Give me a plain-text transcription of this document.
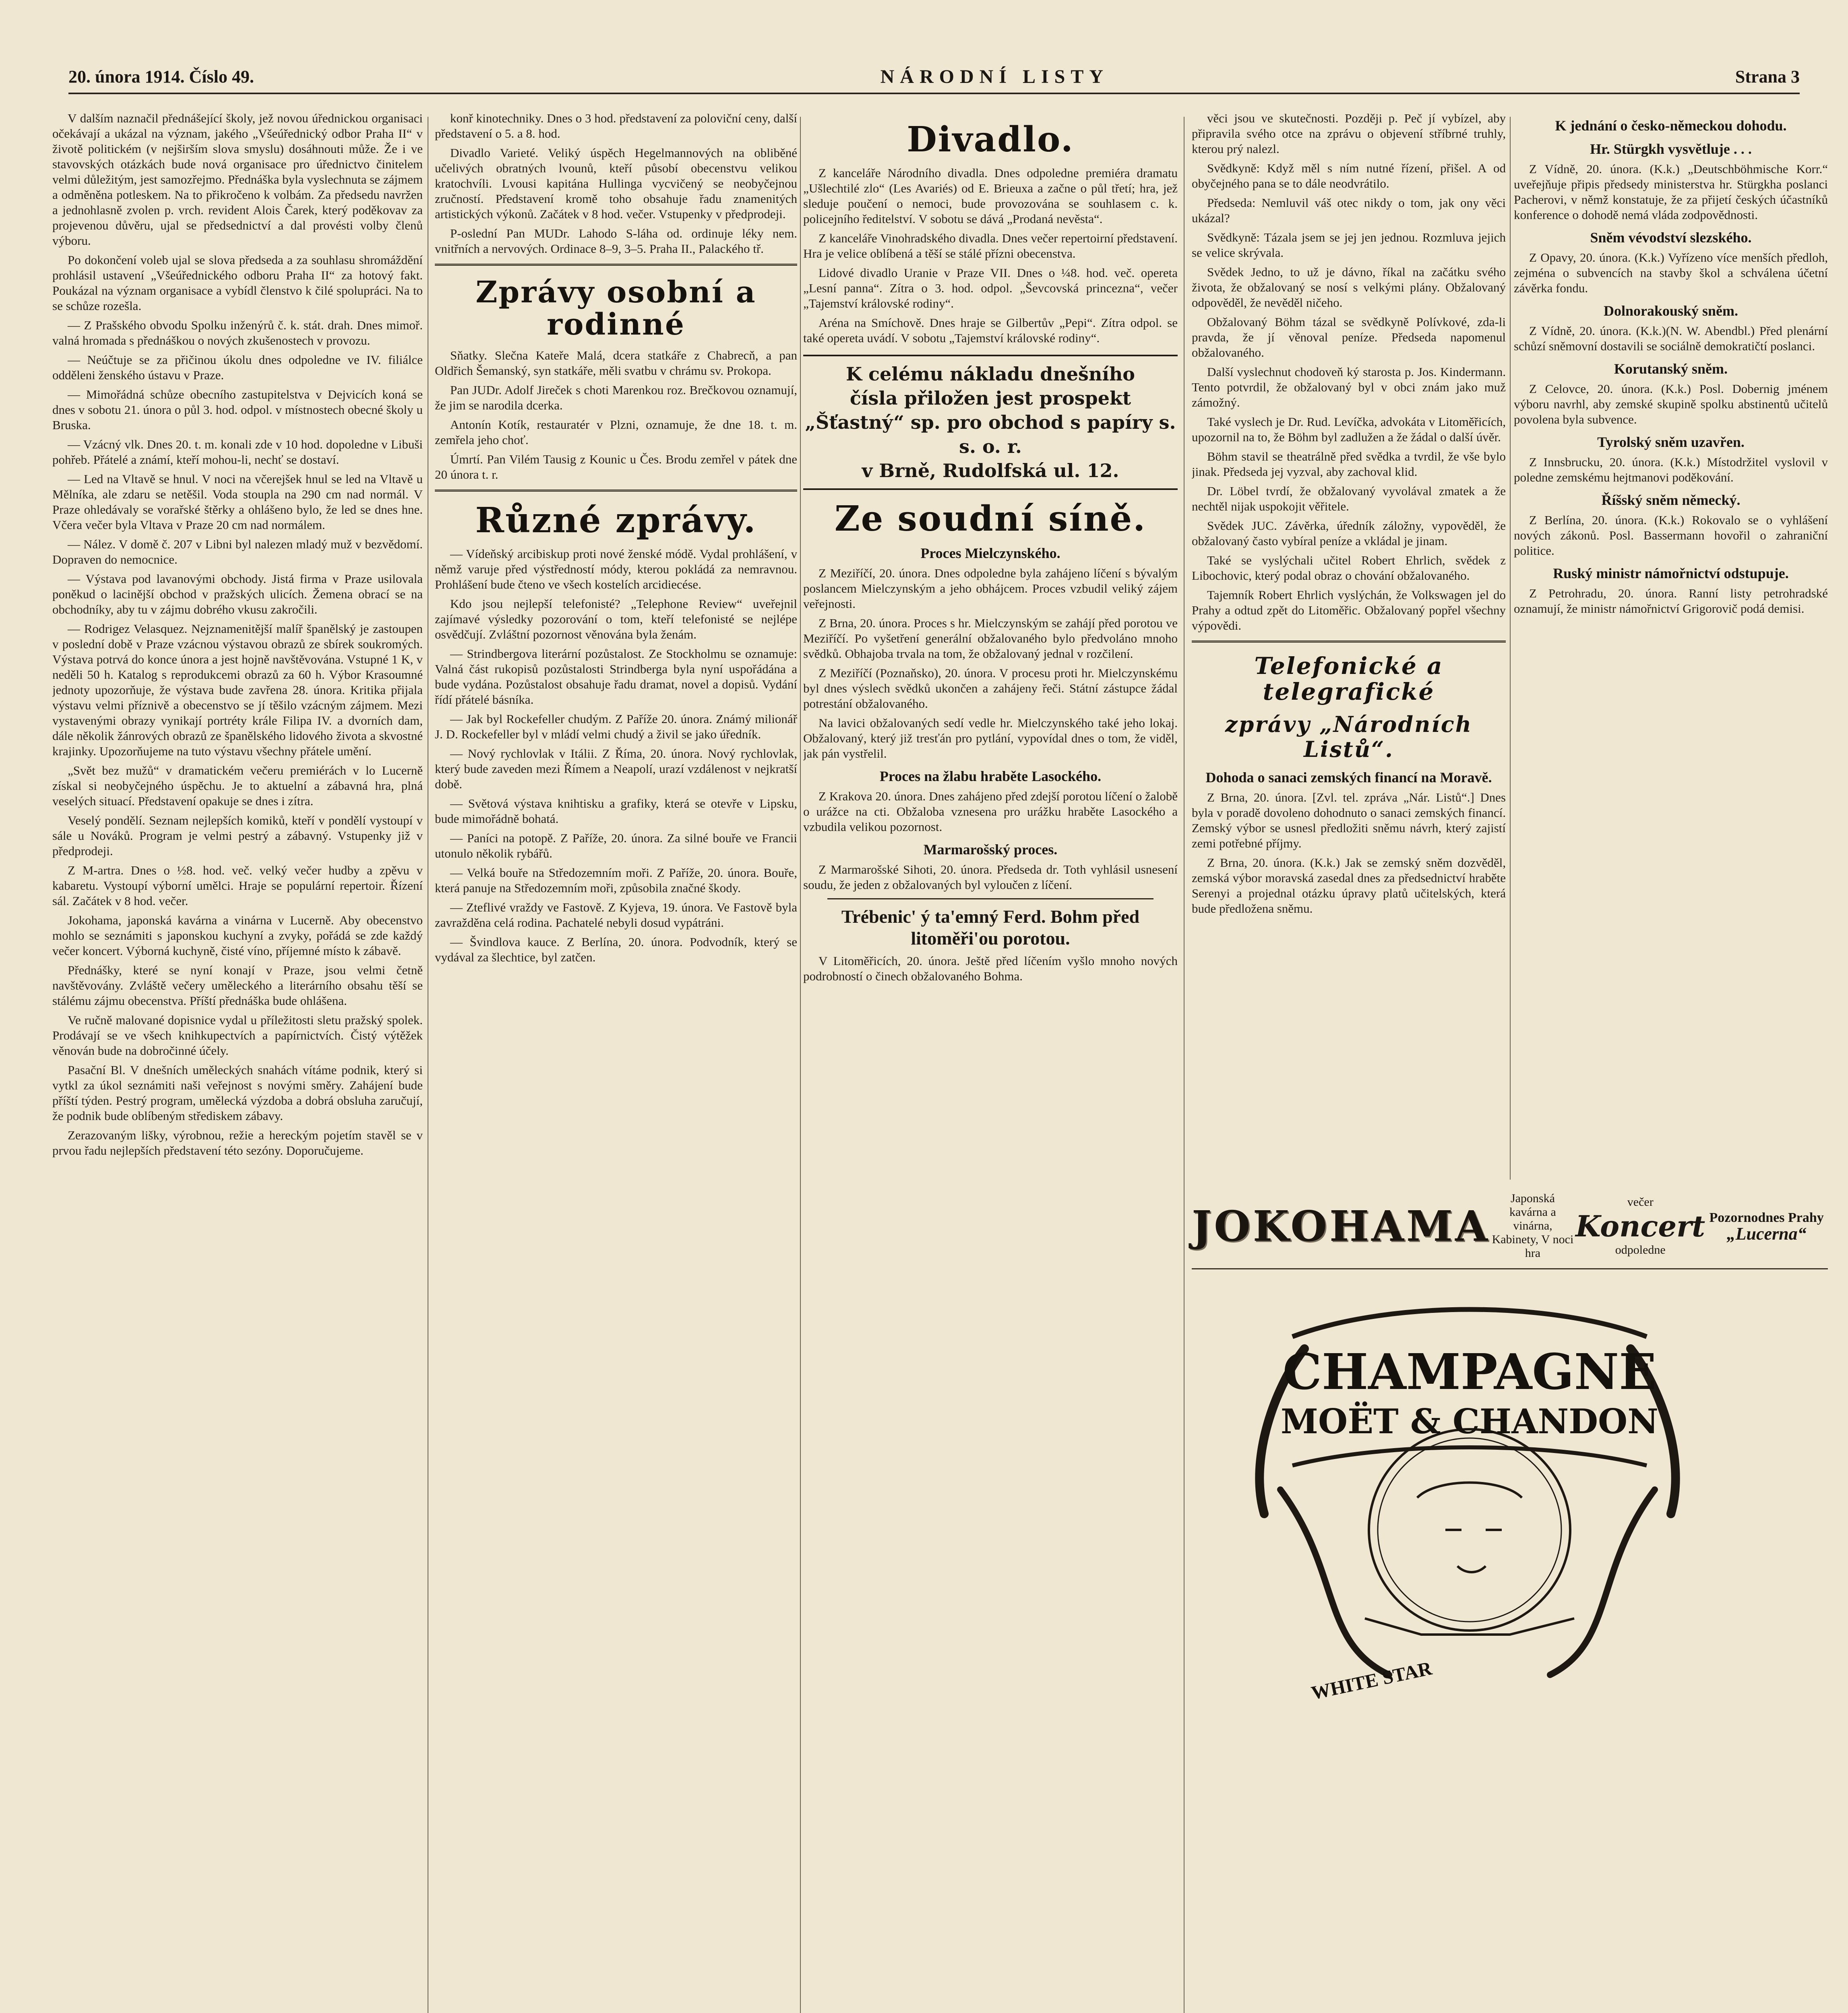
20. února 1914. Číslo 49.	NÁRODNÍ LISTY	Strana 3

V dalším naznačil přednášející školy, jež novou úřednickou organisaci očekávají a ukázal na význam, jakého „Všeúřednický odbor Praha II“ v životě politickém (v nejširším slova smyslu) dosáhnouti může. Že i ve stavovských otázkách bude nová organisace pro úřednictvo činitelem velmi důležitým, jest samozřejmo. Přednáška byla vyslechnuta se zájmem a odměněna potleskem. Na to přikročeno k volbám. Za předsedu navržen a jednohlasně zvolen p. vrch. revident Alois Čarek, který poděkovav za projevenou důvěru, ujal se předsednictví a dal provésti volby členů výboru.

Po dokončení voleb ujal se slova předseda a za souhlasu shromáždění prohlásil ustavení „Všeúřednického odboru Praha II“ za hotový fakt. Poukázal na význam organisace a vybídl členstvo k čilé spolupráci. Na to se schůze rozešla.

— Z Prašského obvodu Spolku inženýrů č. k. stát. drah. Dnes mimoř. valná hromada s přednáškou o nových zkušenostech v provozu.

— Neúčtuje se za přičinou úkolu dnes odpoledne ve IV. filiálce odděleni ženského ústavu v Praze.

— Mimořádná schůze obecního zastupitelstva v Dejvicích koná se dnes v sobotu 21. února o půl 3. hod. odpol. v místnostech obecné školy u Bruska.

— Vzácný vlk. Dnes 20. t. m. konali zde v 10 hod. dopoledne v Libuši pohřeb. Přátelé a známí, kteří mohou-li, nechť se dostaví.

— Led na Vltavě se hnul. V noci na včerejšek hnul se led na Vltavě u Mělníka, ale zdaru se netěšil. Voda stoupla na 290 cm nad normál. V Praze ohledávaly se vorařské štěrky a ohlášeno bylo, že led se dnes hne. Včera večer byla Vltava v Praze 20 cm nad normálem.

— Nález. V domě č. 207 v Libni byl nalezen mladý muž v bezvědomí. Dopraven do nemocnice.

— Výstava pod lavanovými obchody. Jistá firma v Praze usilovala poněkud o lacinější obchod v pražských ulicích. Žemena obrací se na obchodníky, aby tu v zájmu dobrého vkusu zakročili.

— Rodrigez Velasquez. Nejznamenitější malíř španělský je zastoupen v poslední době v Praze vzácnou výstavou obrazů ze sbírek soukromých. Výstava potrvá do konce února a jest hojně navštěvována. Vstupné 1 K, v neděli 50 h. Katalog s reprodukcemi obrazů za 60 h. Výbor Krasoumné jednoty upozorňuje, že výstava bude zavřena 28. února. Kritika přijala výstavu velmi příznivě a obecenstvo se jí těšilo vzácným zájmem. Mezi vystavenými obrazy vynikají portréty krále Filipa IV. a dvorních dam, dále několik žánrových obrazů ze španělského lidového života a skvostné krajinky. Upozorňujeme na tuto výstavu všechny přátele umění.

„Svět bez mužů“ v dramatickém večeru premiérách v lo Lucerně získal si neobyčejného úspěchu. Je to aktuelní a zábavná hra, plná veselých situací. Představení opakuje se dnes i zítra.

Veselý pondělí. Seznam nejlepších komiků, kteří v pondělí vystoupí v sále u Nováků. Program je velmi pestrý a zábavný. Vstupenky již v předprodeji.

Z M-artra. Dnes o ½8. hod. več. velký večer hudby a zpěvu v kabaretu. Vystoupí výborní umělci. Hraje se populární repertoir. Řízení sál. Začátek v 8 hod. večer.

Jokohama, japonská kavárna a vinárna v Lucerně. Aby obecenstvo mohlo se seznámiti s japonskou kuchyní a zvyky, pořádá se zde každý večer koncert. Výborná kuchyně, čisté víno, příjemné místo k zábavě.

Přednášky, které se nyní konají v Praze, jsou velmi četně navštěvovány. Zvláště večery uměleckého a literárního obsahu těší se stálému zájmu obecenstva. Příští přednáška bude ohlášena.

Ve ručně malované dopisnice vydal u příležitosti sletu pražský spolek. Prodávají se ve všech knihkupectvích a papírnictvích. Čistý výtěžek věnován bude na dobročinné účely.

Pasační Bl. V dnešních uměleckých snahách vítáme podnik, který si vytkl za úkol seznámiti naši veřejnost s novými směry. Zahájení bude příští týden. Pestrý program, umělecká výzdoba a dobrá obsluha zaručují, že podnik bude oblíbeným střediskem zábavy.

Zerazovaným lišky, výrobnou, režie a hereckým pojetím stavěl se v prvou řadu nejlepších představení této sezóny. Doporučujeme.

konř kinotechniky. Dnes o 3 hod. představení za poloviční ceny, další představení o 5. a 8. hod.

Divadlo Varieté. Veliký úspěch Hegelmannových na obliběné učelivých obratných lvounů, kteří působí obecenstvu velikou kratochvíli. Lvousi kapitána Hullinga vycvičený se neobyčejnou zručností. Představení kromě toho obsahuje řadu znamenitých artistických výkonů. Začátek v 8 hod. večer. Vstupenky v předprodeji.

P-oslední Pan MUDr. Lahodo S-láha od. ordinuje léky nem. vnitřních a nervových. Ordinace 8–9, 3–5. Praha II., Palackého tř.

Zprávy osobní a rodinné

Sňatky. Slečna Kateře Malá, dcera statkáře z Chabrecň, a pan Oldřich Šemanský, syn statkáře, měli svatbu v chrámu sv. Prokopa.

Pan JUDr. Adolf Jireček s choti Marenkou roz. Brečkovou oznamují, že jim se narodila dcerka.

Antonín Kotík, restauratér v Plzni, oznamuje, že dne 18. t. m. zemřela jeho choť.

Úmrtí. Pan Vilém Tausig z Kounic u Čes. Brodu zemřel v pátek dne 20 února t. r.

Různé zprávy.

— Vídeňský arcibiskup proti nové ženské módě. Vydal prohlášení, v němž varuje před výstředností módy, kterou pokládá za nemravnou. Prohlášení bude čteno ve všech kostelích arcidiecése.

Kdo jsou nejlepší telefonisté? „Telephone Review“ uveřejnil zajímavé výsledky pozorování o tom, kteří telefonisté se nejlépe osvědčují. Zvláštní pozornost věnována byla ženám.

— Strindbergova literární pozůstalost. Ze Stockholmu se oznamuje: Valná část rukopisů pozůstalosti Strindberga byla nyní uspořádána a bude vydána. Pozůstalost obsahuje řadu dramat, novel a dopisů. Vydání řídí přátelé básníka.

— Jak byl Rockefeller chudým. Z Paříže 20. února. Známý milionář J. D. Rockefeller byl v mládí velmi chudý a živil se jako úředník.

— Nový rychlovlak v Itálii. Z Říma, 20. února. Nový rychlovlak, který bude zaveden mezi Římem a Neapolí, urazí vzdálenost v nejkratší době.

— Světová výstava knihtisku a grafiky, která se otevře v Lipsku, bude mimořádně bohatá.

— Paníci na potopě. Z Paříže, 20. února. Za silné bouře ve Francii utonulo několik rybářů.

— Velká bouře na Středozemním moři. Z Paříže, 20. února. Bouře, která panuje na Středozemním moři, způsobila značné škody.

— Zteflivé vraždy ve Fastově. Z Kyjeva, 19. února. Ve Fastově byla zavražděna celá rodina. Pachatelé nebyli dosud vypátráni.

— Švindlova kauce. Z Berlína, 20. února. Podvodník, který se vydával za šlechtice, byl zatčen.

Divadlo.

Z kanceláře Národního divadla. Dnes odpoledne premiéra dramatu „Ušlechtilé zlo“ (Les Avariés) od E. Brieuxa a začne o půl třetí; hra, jež sleduje poučení o nemoci, bude provozována se souhlasem c. k. policejního ředitelství. V sobotu se dává „Prodaná nevěsta“.

Z kanceláře Vinohradského divadla. Dnes večer repertoirní představení. Hra je velice oblíbená a těší se stálé přízni obecenstva.

Lidové divadlo Uranie v Praze VII. Dnes o ¼8. hod. več. opereta „Lesní panna“. Zítra o 3. hod. odpol. „Ševcovská princezna“, večer „Tajemství královské rodiny“.

Aréna na Smíchově. Dnes hraje se Gilbertův „Pepi“. Zítra odpol. se také opereta uvádí. V sobotu „Tajemství královské rodiny“.

K celému nákladu dnešního
čísla přiložen jest prospekt
„Šťastný“ sp. pro obchod s papíry s. s. o. r.
v Brně, Rudolfská ul. 12.
Ze soudní síně.
Proces Mielczynského.

Z Meziříčí, 20. února. Dnes odpoledne byla zahájeno líčení s bývalým poslancem Mielczynským a jeho obhájcem. Proces vzbudil veliký zájem veřejnosti.

Z Brna, 20. února. Proces s hr. Mielczynským se zahájí před porotou ve Meziříčí. Po vyšetření generální obžalovaného bylo předvoláno mnoho svědků. Obhajoba trvala na tom, že obžalovaný jednal v rozčilení.

Z Meziříčí (Poznaňsko), 20. února. V procesu proti hr. Mielczynskému byl dnes výslech svědků ukončen a zahájeny řeči. Státní zástupce žádal potrestání obžalovaného.

Na lavici obžalovaných sedí vedle hr. Mielczynského také jeho lokaj. Obžalovaný, který již tresťán pro pytlání, vypovídal dnes o tom, že viděl, jak pán vystřelil.

Proces na žlabu hraběte Lasockého.

Z Krakova 20. února. Dnes zahájeno před zdejší porotou líčení o žalobě o urážce na cti. Obžaloba vznesena pro urážku hraběte Lasockého a vzbudila velikou pozornost.

Marmarošský proces.

Z Marmarošské Sihoti, 20. února. Předseda dr. Toth vyhlásil usnesení soudu, že jeden z obžalovaných byl vyloučen z líčení.

Trébenic' ý ta'emný Ferd. Bohm před litoměři'ou porotou.

V Litoměřicích, 20. února. Ještě před líčením vyšlo mnoho nových podrobností o činech obžalovaného Bohma.

věci jsou ve skutečnosti. Později p. Peč jí vybízel, aby připravila svého otce na zprávu o objevení stříbrné truhly, kterou prý nalezl.

Svědkyně: Když měl s ním nutné řízení, přišel. A od obyčejného pana se to dále neodvrátilo.

Předseda: Nemluvil váš otec nikdy o tom, jak ony věci ukázal?

Svědkyně: Tázala jsem se jej jen jednou. Rozmluva jejich se velice skrývala.

Svědek Jedno, to už je dávno, říkal na začátku svého života, že obžalovaný se nosí s velkými plány. Obžalovaný odpověděl, že nevěděl ničeho.

Obžalovaný Böhm tázal se svědkyně Polívkové, zda-li pravda, že jí věnoval peníze. Předseda napomenul obžalovaného.

Další vyslechnut chodoveň ký starosta p. Jos. Kindermann. Tento potvrdil, že obžalovaný byl v obci znám jako muž zámožný.

Také vyslech je Dr. Rud. Levíčka, advokáta v Litoměřicích, upozornil na to, že Böhm byl zadlužen a že žádal o další úvěr.

Böhm stavil se theatrálně před svědka a tvrdil, že vše bylo jinak. Předseda jej vyzval, aby zachoval klid.

Dr. Löbel tvrdí, že obžalovaný vyvolával zmatek a že nechtěl nijak uspokojit věřitele.

Svědek JUC. Závěrka, úředník záložny, vypověděl, že obžalovaný často vybíral peníze a vkládal je jinam.

Také se vyslýchali učitel Robert Ehrlich, svědek z Libochovic, který podal obraz o chování obžalovaného.

Tajemník Robert Ehrlich vyslýchán, že Volkswagen jel do Prahy a odtud zpět do Litoměřic. Obžalovaný popřel všechny výpovědi.

Telefonické a telegrafické
zprávy „Národních Listů“.
Dohoda o sanaci zemských financí na Moravě.

Z Brna, 20. února. [Zvl. tel. zpráva „Nár. Listů“.] Dnes byla v poradě dovoleno dohodnuto o sanaci zemských financí. Zemský výbor se usnesl předložiti sněmu návrh, který zajistí zemi potřebné příjmy.

Z Brna, 20. února. (K.k.) Jak se zemský sněm dozvěděl, zemská výbor moravská zasedal dnes za předsednictví hraběte Serenyi a projednal otázku úpravy platů učitelských, která bude předložena sněmu.

K jednání o česko-německou dohodu.
Hr. Stürgkh vysvětluje . . .

Z Vídně, 20. února. (K.k.) „Deutschböhmische Korr.“ uveřejňuje připis předsedy ministerstva hr. Stürgkha poslanci Pacherovi, v němž konstatuje, že za přijetí českých účastníků konference o dohodě nemá vláda zodpovědnosti.

Sněm vévodství slezského.

Z Opavy, 20. února. (K.k.) Vyřízeno více menších předloh, zejména o subvencích na stavby škol a schválena účetní závěrka fondu.

Dolnorakouský sněm.

Z Vídně, 20. února. (K.k.)(N. W. Abendbl.) Před plenární schůzí sněmovní dostavili se sociálně demokratičtí poslanci.

Korutanský sněm.

Z Celovce, 20. února. (K.k.) Posl. Dobernig jménem výboru navrhl, aby zemské skupině spolku abstinentů učitelů povolena byla subvence.

Tyrolský sněm uzavřen.

Z Innsbrucku, 20. února. (K.k.) Místodržitel vyslovil v poledne zemskému hejtmanovi poděkování.

Říšský sněm německý.

Z Berlína, 20. února. (K.k.) Rokovalo se o vyhlášení nových zákonů. Posl. Bassermann hovořil o zahraniční politice.

Ruský ministr námořnictví odstupuje.

Z Petrohradu, 20. února. Ranní listy petrohradské oznamují, že ministr námořnictví Grigorovič podá demisi.

JOKOHAMA
Japonská kavárna a vinárna, Kabinety, V noci hra
večer
Koncert
odpoledne
Pozornodnes Prahy
„Lucerna“
CHAMPAGNE
MOËT & CHANDON
WHITE STAR
